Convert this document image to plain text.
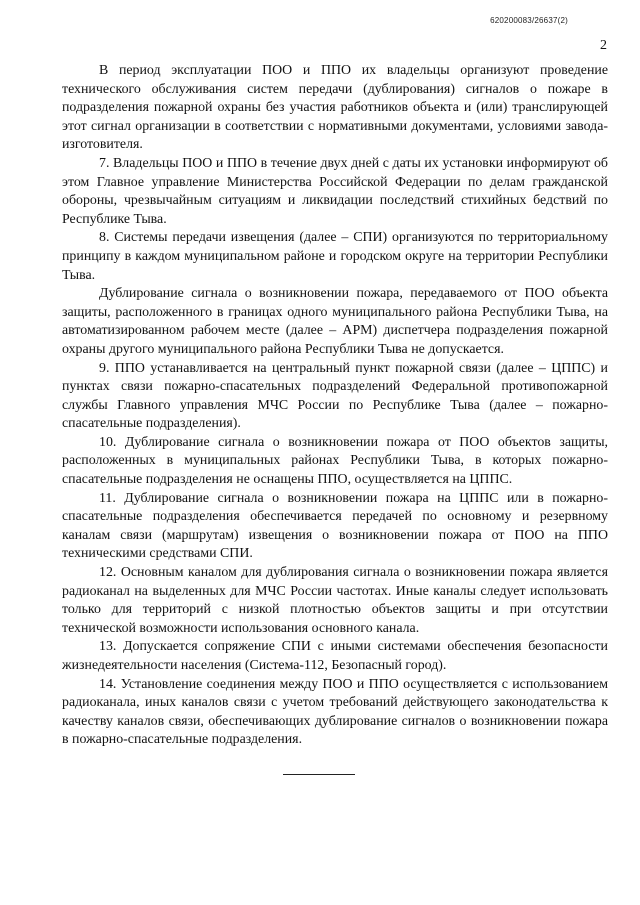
620200083/26637(2)
2

В период эксплуатации ПОО и ППО их владельцы организуют проведение технического обслуживания систем передачи (дублирования) сигналов о пожаре в подразделения пожарной охраны без участия работников объекта и (или) транслирующей этот сигнал организации в соответствии с нормативными документами, условиями завода-изготовителя.

7. Владельцы ПОО и ППО в течение двух дней с даты их установки информируют об этом Главное управление Министерства Российской Федерации по делам гражданской обороны, чрезвычайным ситуациям и ликвидации последствий стихийных бедствий по Республике Тыва.

8. Системы передачи извещения (далее – СПИ) организуются по территориальному принципу в каждом муниципальном районе и городском округе на территории Республики Тыва.

Дублирование сигнала о возникновении пожара, передаваемого от ПОО объекта защиты, расположенного в границах одного муниципального района Республики Тыва, на автоматизированном рабочем месте (далее – АРМ) диспетчера подразделения пожарной охраны другого муниципального района Республики Тыва не допускается.

9. ППО устанавливается на центральный пункт пожарной связи (далее – ЦППС) и пунктах связи пожарно-спасательных подразделений Федеральной противопожарной службы Главного управления МЧС России по Республике Тыва (далее – пожарно-спасательные подразделения).

10. Дублирование сигнала о возникновении пожара от ПОО объектов защиты, расположенных в муниципальных районах Республики Тыва, в которых пожарно-спасательные подразделения не оснащены ППО, осуществляется на ЦППС.

11. Дублирование сигнала о возникновении пожара на ЦППС или в пожарно-спасательные подразделения обеспечивается передачей по основному и резервному каналам связи (маршрутам) извещения о возникновении пожара от ПОО на ППО техническими средствами СПИ.

12. Основным каналом для дублирования сигнала о возникновении пожара является радиоканал на выделенных для МЧС России частотах. Иные каналы следует использовать только для территорий с низкой плотностью объектов защиты и при отсутствии технической возможности использования основного канала.

13. Допускается сопряжение СПИ с иными системами обеспечения безопасности жизнедеятельности населения (Система-112, Безопасный город).

14. Установление соединения между ПОО и ППО осуществляется с использованием радиоканала, иных каналов связи с учетом требований действующего законодательства к качеству каналов связи, обеспечивающих дублирование сигналов о возникновении пожара в пожарно-спасательные подразделения.
